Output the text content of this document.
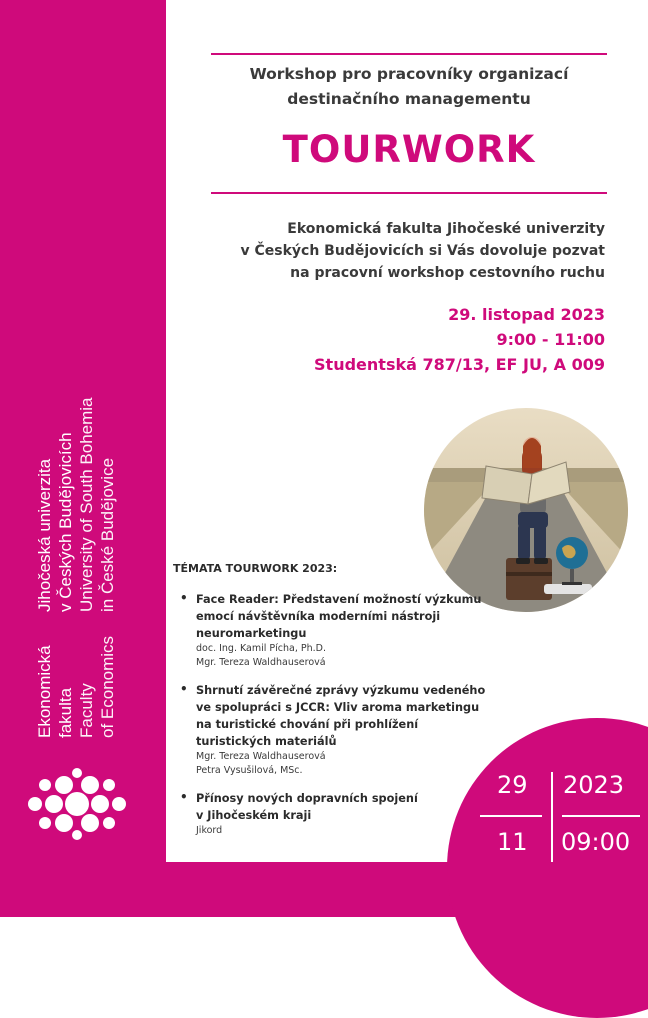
Jihočeská univerzita v Českých Budějovicích University of South Bohemia in České Budějovice
Ekonomická fakulta Faculty of Economics
Workshop pro pracovníky organizací
destinačního managementu
TOURWORK
Ekonomická fakulta Jihočeské univerzity
v Českých Budějovicích si Vás dovoluje pozvat
na pracovní workshop cestovního ruchu
29. listopad 2023
9:00 - 11:00
Studentská 787/13, EF JU, A 009
TÉMATA TOURWORK 2023:
• Face Reader: Představení možností výzkumu emocí návštěvníka moderními nástroji neuromarketingu
doc. Ing. Kamil Pícha, Ph.D.
Mgr. Tereza Waldhauserová
• Shrnutí závěrečné zprávy výzkumu vedeného ve spolupráci s JCCR: Vliv aroma marketingu na turistické chování při prohlížení turistických materiálů
Mgr. Tereza Waldhauserová
Petra Vysušilová, MSc.
• Přínosy nových dopravních spojení
v Jihočeském kraji
Jikord
29 2023
11 09:00
